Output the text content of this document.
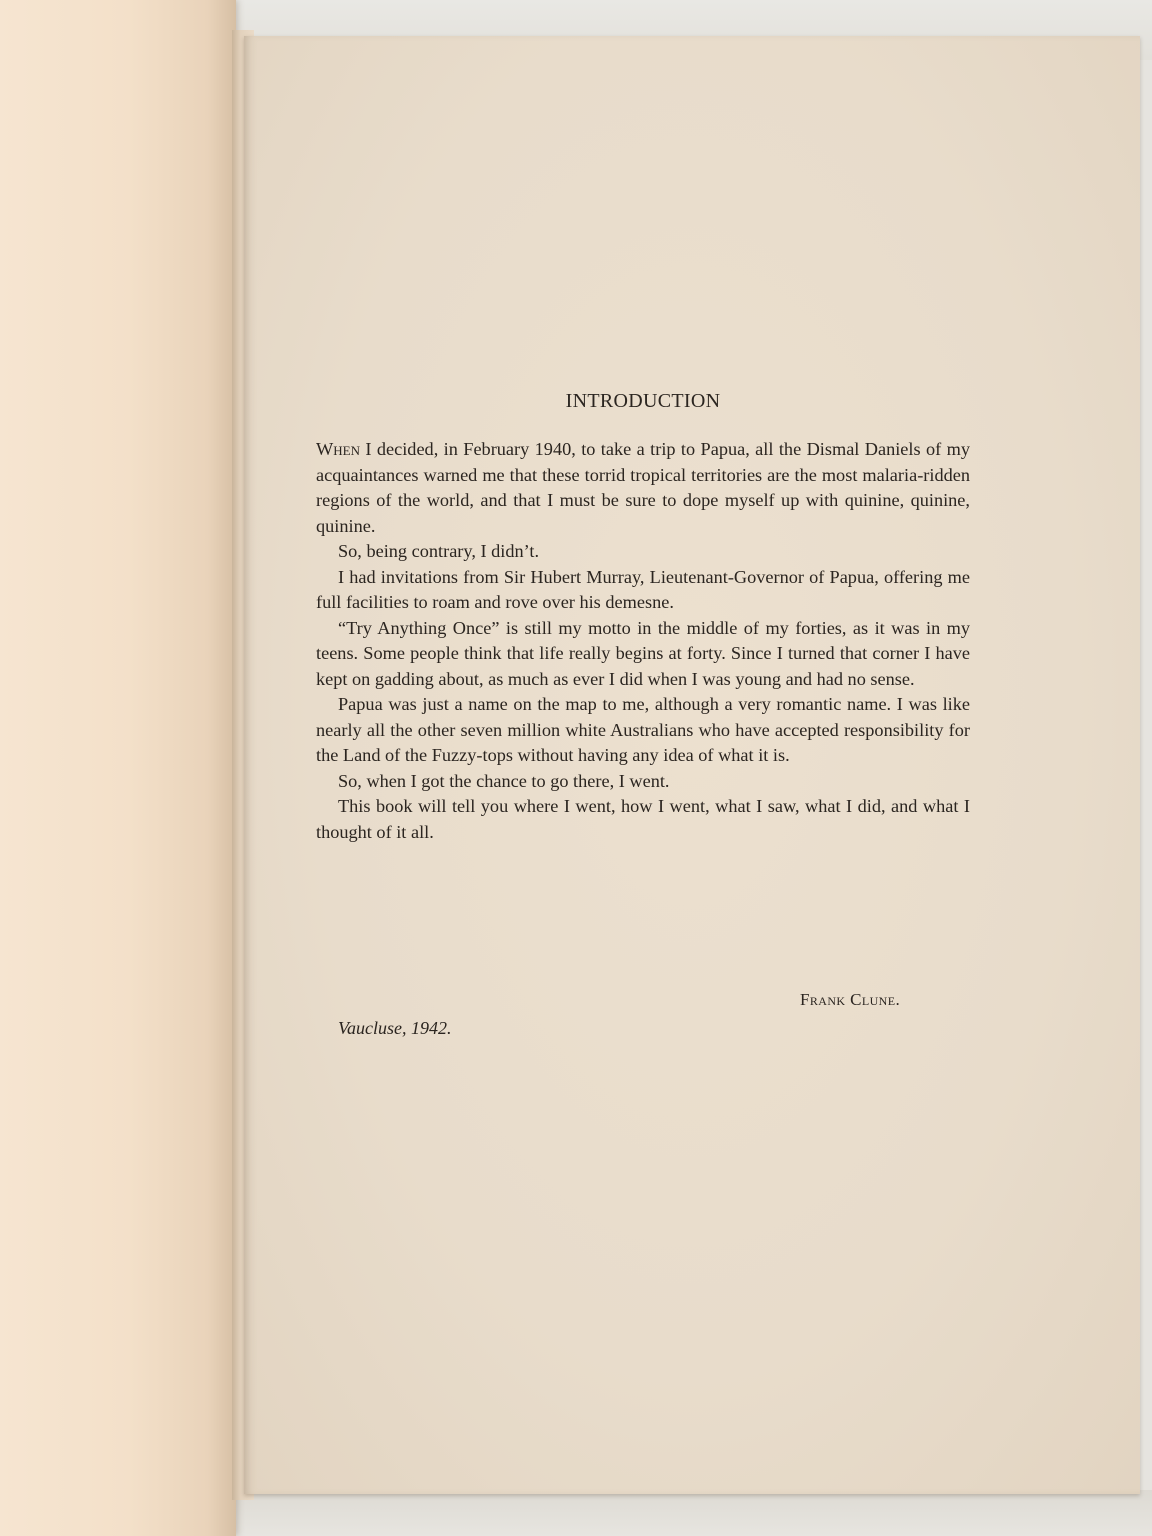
INTRODUCTION

When I decided, in February 1940, to take a trip to Papua, all the Dismal Daniels of my acquaintances warned me that these torrid tropical territories are the most malaria-ridden regions of the world, and that I must be sure to dope myself up with quinine, quinine, quinine.

So, being contrary, I didn’t.

I had invitations from Sir Hubert Murray, Lieutenant-Governor of Papua, offering me full facilities to roam and rove over his demesne.

“Try Anything Once” is still my motto in the middle of my forties, as it was in my teens. Some people think that life really begins at forty. Since I turned that corner I have kept on gadding about, as much as ever I did when I was young and had no sense.

Papua was just a name on the map to me, although a very romantic name. I was like nearly all the other seven million white Australians who have accepted responsibility for the Land of the Fuzzy-tops without having any idea of what it is.

So, when I got the chance to go there, I went.

This book will tell you where I went, how I went, what I saw, what I did, and what I thought of it all.

Frank Clune.
Vaucluse, 1942.
